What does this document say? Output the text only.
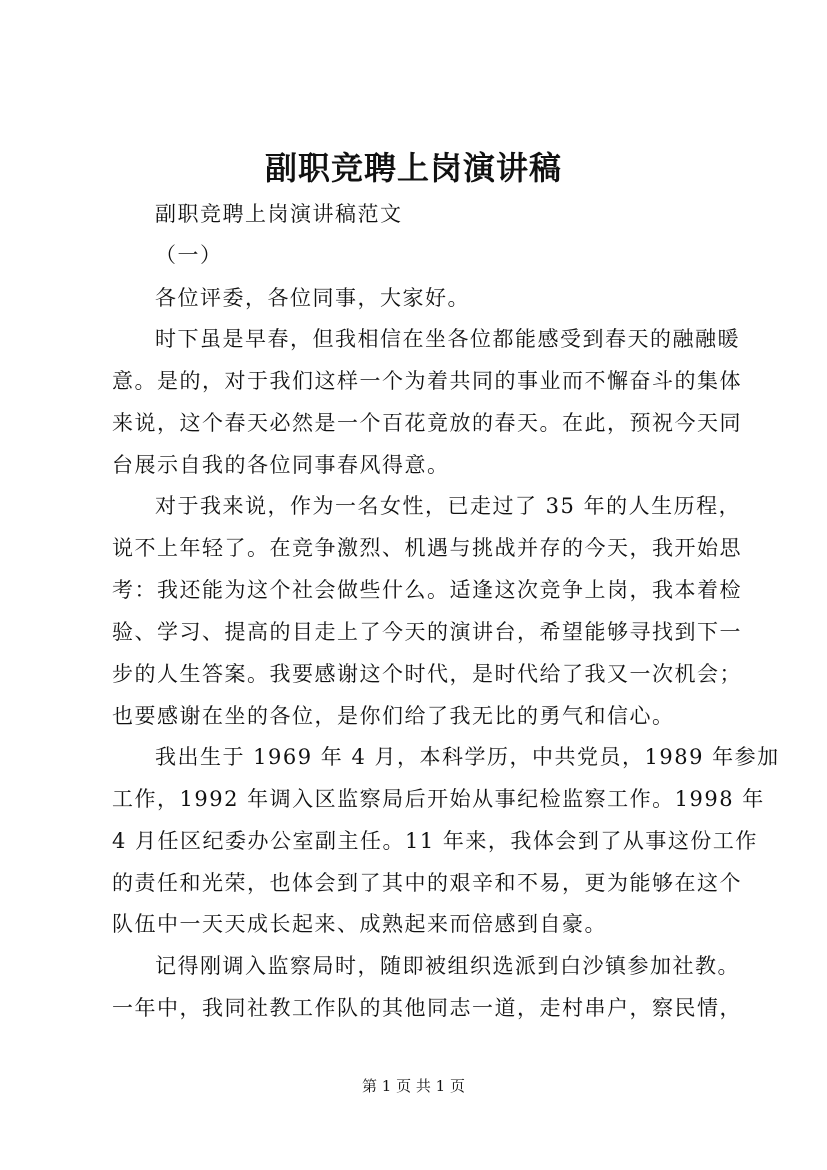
副职竞聘上岗演讲稿
副职竞聘上岗演讲稿范文
（一）
各位评委，各位同事，大家好。
时下虽是早春，但我相信在坐各位都能感受到春天的融融暖
意。是的，对于我们这样一个为着共同的事业而不懈奋斗的集体
来说，这个春天必然是一个百花竟放的春天。在此，预祝今天同
台展示自我的各位同事春风得意。
对于我来说，作为一名女性，已走过了 35 年的人生历程，
说不上年轻了。在竞争激烈、机遇与挑战并存的今天，我开始思
考：我还能为这个社会做些什么。适逢这次竞争上岗，我本着检
验、学习、提高的目走上了今天的演讲台，希望能够寻找到下一
步的人生答案。我要感谢这个时代，是时代给了我又一次机会；
也要感谢在坐的各位，是你们给了我无比的勇气和信心。
我出生于 1969 年 4 月，本科学历，中共党员，1989 年参加
工作，1992 年调入区监察局后开始从事纪检监察工作。1998 年
4 月任区纪委办公室副主任。11 年来，我体会到了从事这份工作
的责任和光荣，也体会到了其中的艰辛和不易，更为能够在这个
队伍中一天天成长起来、成熟起来而倍感到自豪。
记得刚调入监察局时，随即被组织选派到白沙镇参加社教。
一年中，我同社教工作队的其他同志一道，走村串户，察民情，
第 1 页 共 1 页
